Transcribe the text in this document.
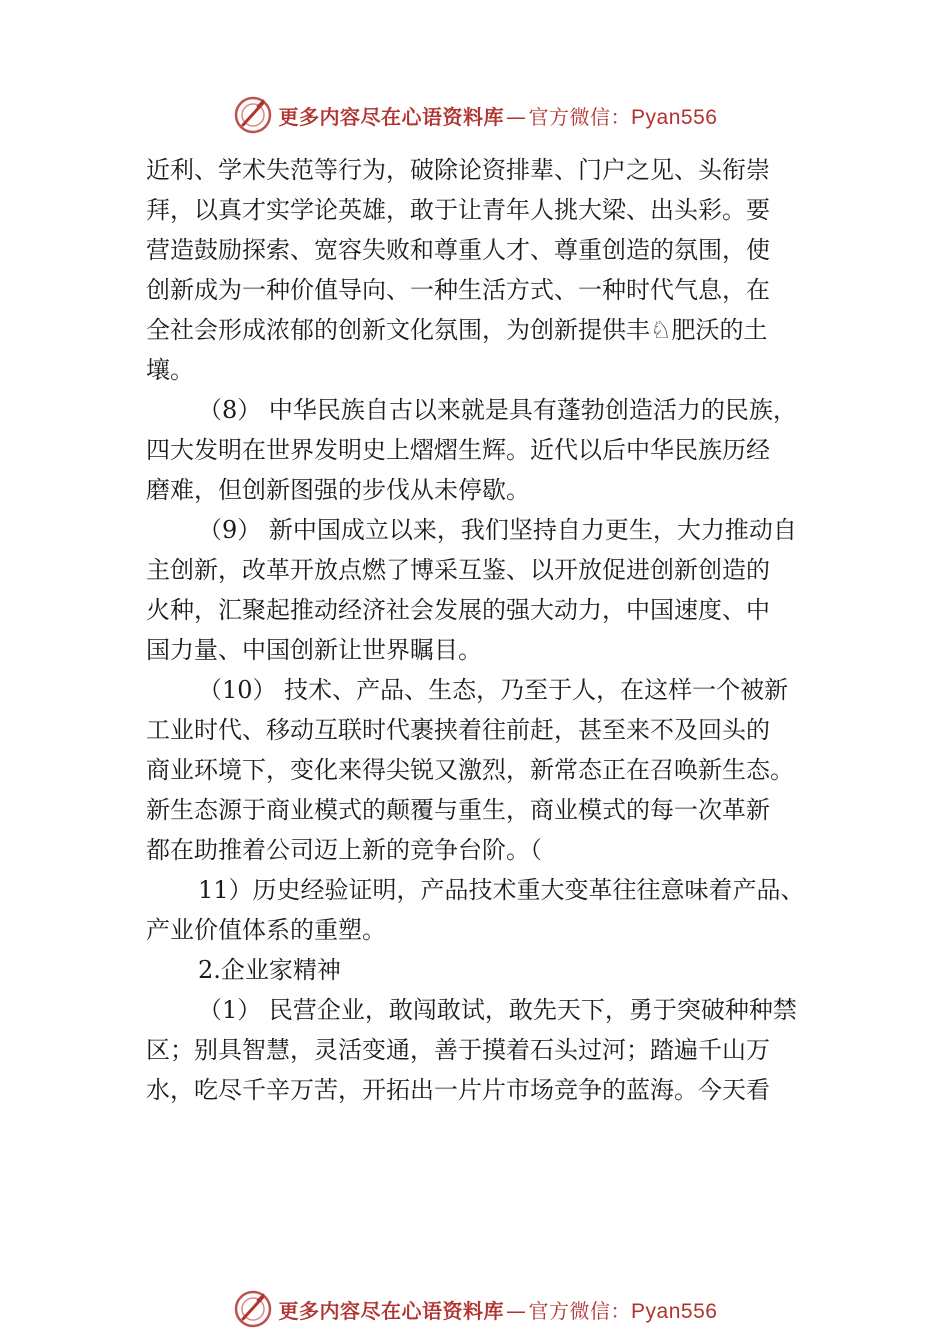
更多内容尽在心语资料库 — 官方微信：Pyan556
近利、学术失范等行为，破除论资排辈、门户之见、头衔崇
拜，以真才实学论英雄，敢于让青年人挑大梁、出头彩。要
营造鼓励探索、宽容失败和尊重人才、尊重创造的氛围，使
创新成为一种价值导向、一种生活方式、一种时代气息，在
全社会形成浓郁的创新文化氛围，为创新提供丰♘肥沃的土
壤。
（8） 中华民族自古以来就是具有蓬勃创造活力的民族，
四大发明在世界发明史上熠熠生辉。近代以后中华民族历经
磨难，但创新图强的步伐从未停歇。
（9） 新中国成立以来，我们坚持自力更生，大力推动自
主创新，改革开放点燃了博采互鉴、以开放促进创新创造的
火种，汇聚起推动经济社会发展的强大动力，中国速度、中
国力量、中国创新让世界瞩目。
（10） 技术、产品、生态，乃至于人，在这样一个被新
工业时代、移动互联时代裹挟着往前赶，甚至来不及回头的
商业环境下，变化来得尖锐又激烈，新常态正在召唤新生态。
新生态源于商业模式的颠覆与重生，商业模式的每一次革新
都在助推着公司迈上新的竞争台阶。（
11）历史经验证明，产品技术重大变革往往意味着产品、
产业价值体系的重塑。
2.企业家精神
（1） 民营企业，敢闯敢试，敢先天下，勇于突破种种禁
区；别具智慧，灵活变通，善于摸着石头过河；踏遍千山万
水，吃尽千辛万苦，开拓出一片片市场竞争的蓝海。今天看
更多内容尽在心语资料库 — 官方微信：Pyan556
